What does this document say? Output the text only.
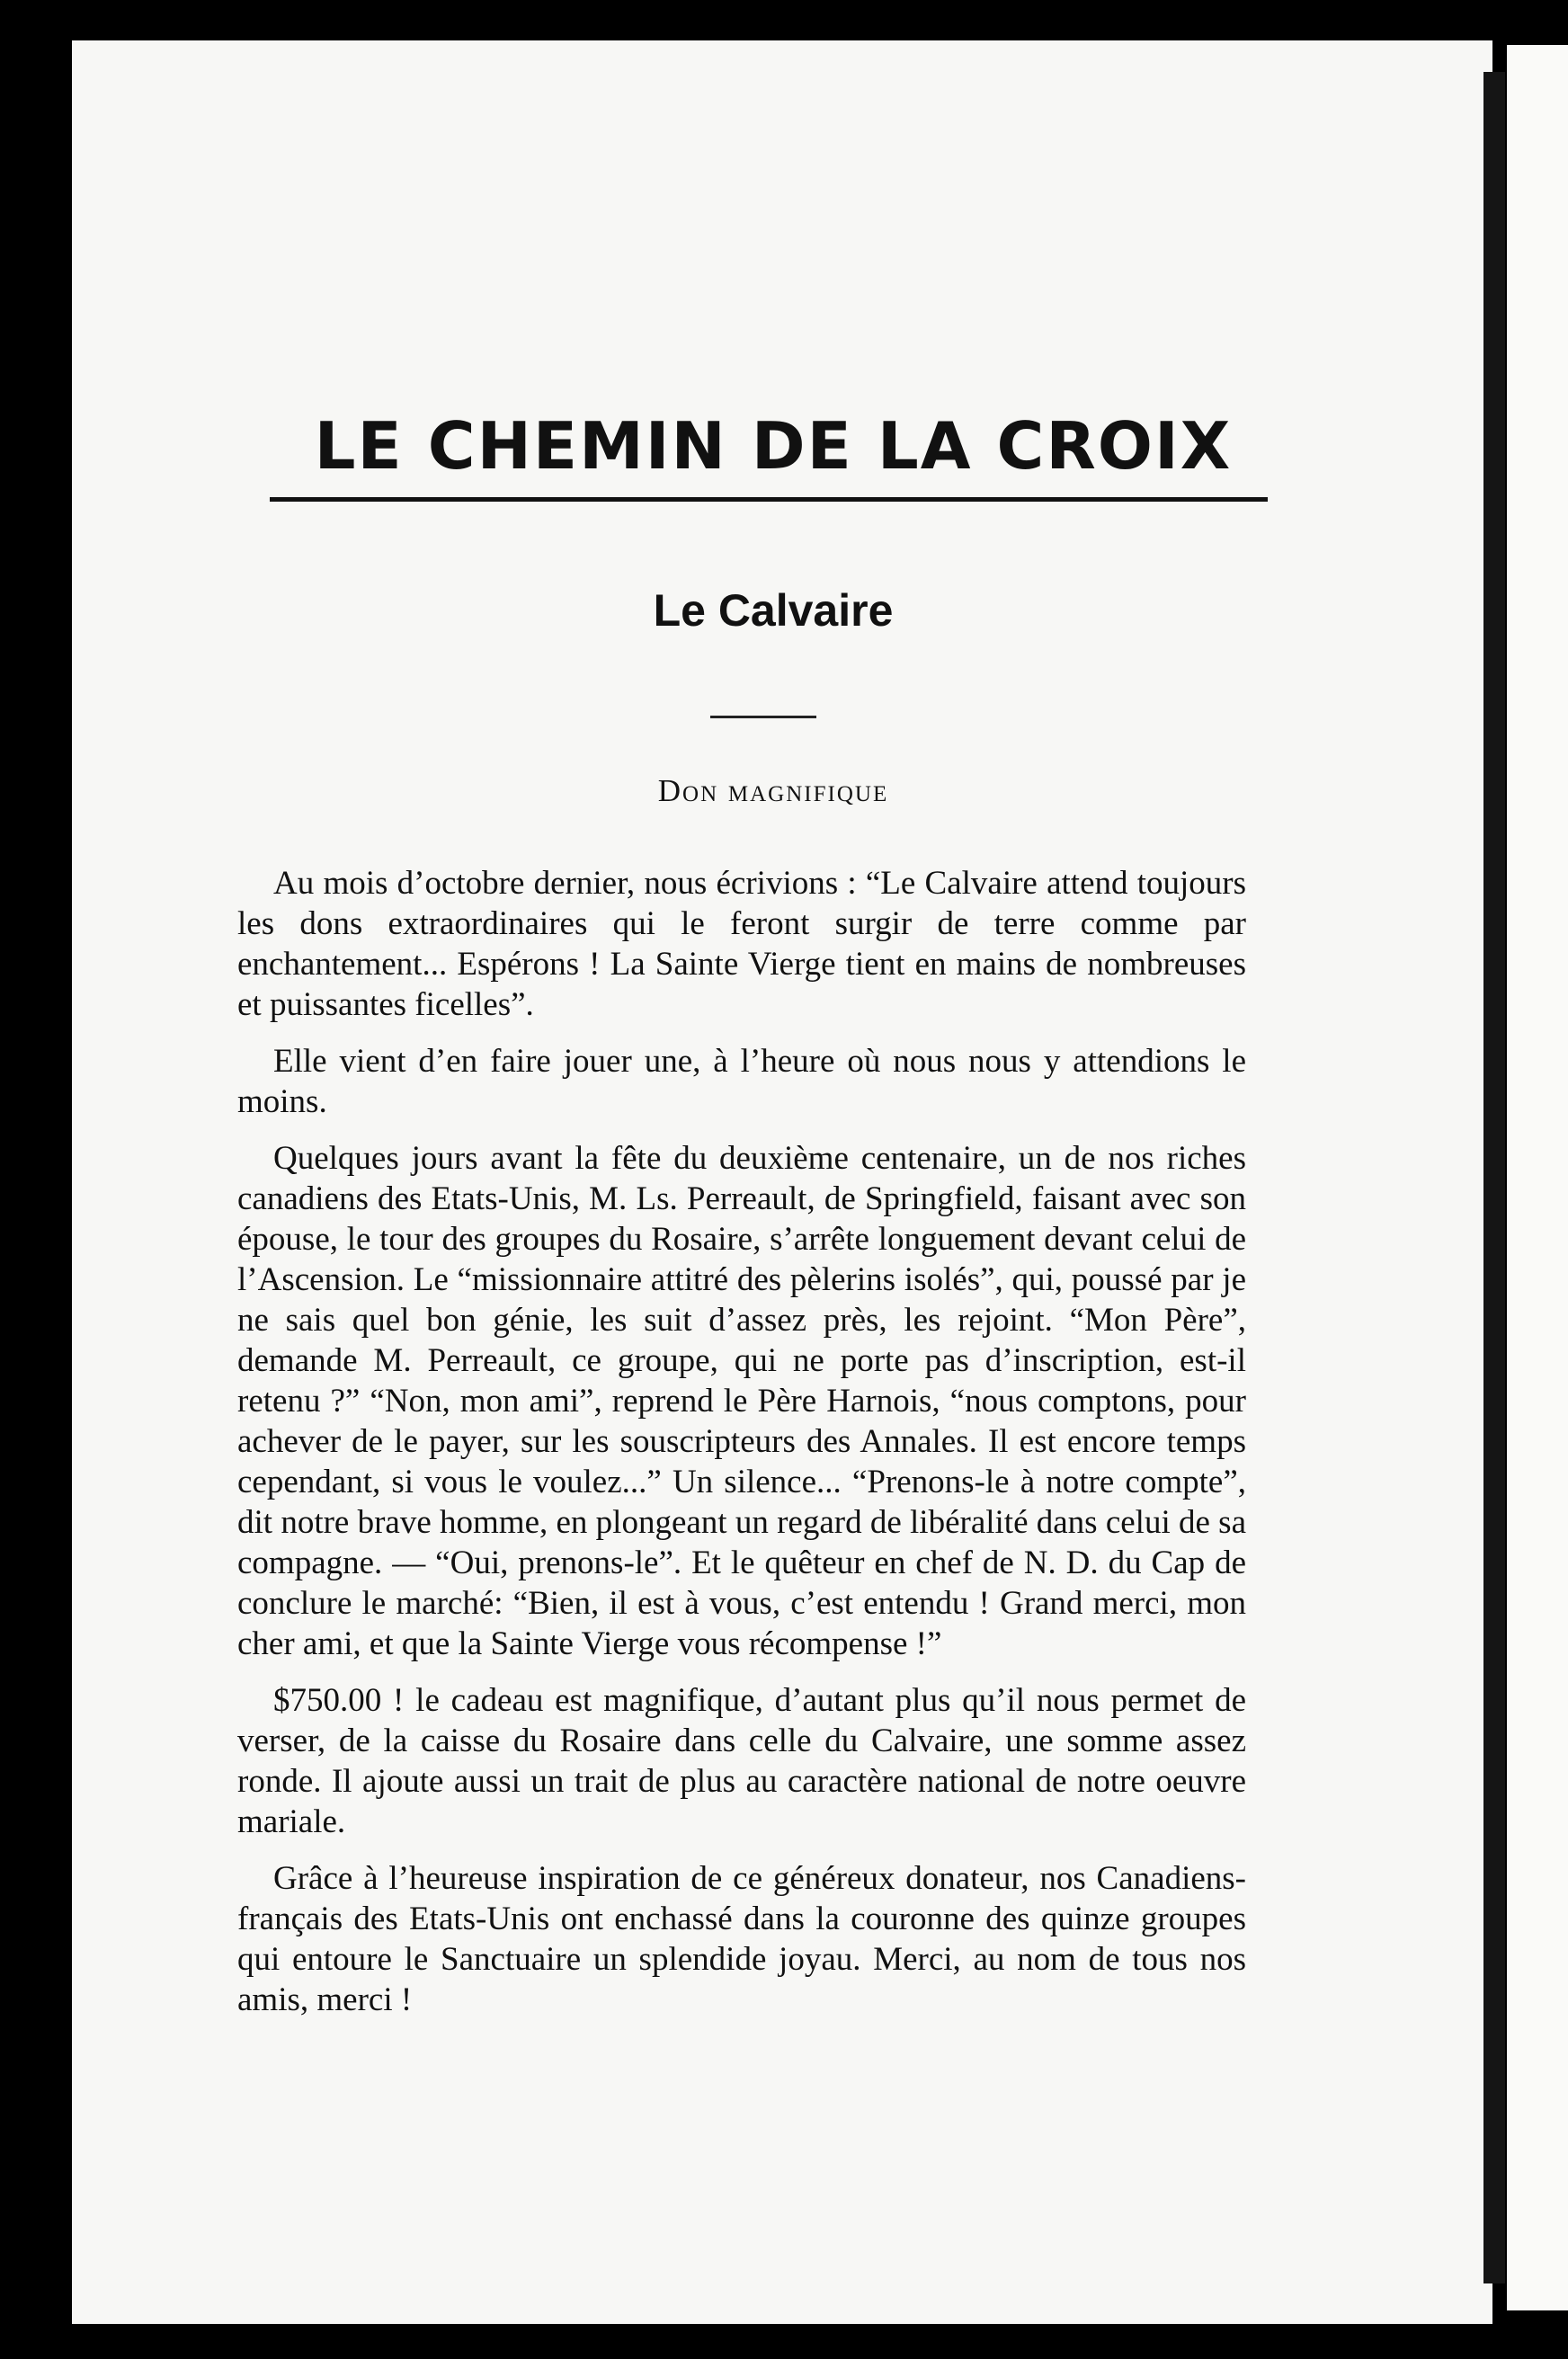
LE CHEMIN DE LA CROIX
Le Calvaire
Don magnifique

Au mois d’octobre dernier, nous écrivions : “Le Calvaire attend toujours les dons extraordinaires qui le feront surgir de terre comme par enchantement... Espérons ! La Sainte Vierge tient en mains de nombreuses et puissantes ficelles”.

Elle vient d’en faire jouer une, à l’heure où nous nous y attendions le moins.

Quelques jours avant la fête du deuxième centenaire, un de nos riches canadiens des Etats-Unis, M. Ls. Perreault, de Springfield, faisant avec son épouse, le tour des groupes du Rosaire, s’arrête longuement devant celui de l’Ascension. Le “missionnaire attitré des pèlerins isolés”, qui, poussé par je ne sais quel bon génie, les suit d’assez près, les rejoint. “Mon Père”, demande M. Perreault, ce groupe, qui ne porte pas d’inscription, est-il retenu ?” “Non, mon ami”, reprend le Père Harnois, “nous comptons, pour achever de le payer, sur les souscripteurs des Annales. Il est encore temps cependant, si vous le voulez...” Un silence... “Prenons-le à notre compte”, dit notre brave homme, en plongeant un regard de libéralité dans celui de sa compagne. — “Oui, prenons-le”. Et le quêteur en chef de N. D. du Cap de conclure le marché: “Bien, il est à vous, c’est entendu ! Grand merci, mon cher ami, et que la Sainte Vierge vous récompense !”

$750.00 ! le cadeau est magnifique, d’autant plus qu’il nous permet de verser, de la caisse du Rosaire dans celle du Calvaire, une somme assez ronde. Il ajoute aussi un trait de plus au caractère national de notre oeuvre mariale.

Grâce à l’heureuse inspiration de ce généreux donateur, nos Canadiens-français des Etats-Unis ont enchassé dans la couronne des quinze groupes qui entoure le Sanctuaire un splendide joyau. Merci, au nom de tous nos amis, merci !
